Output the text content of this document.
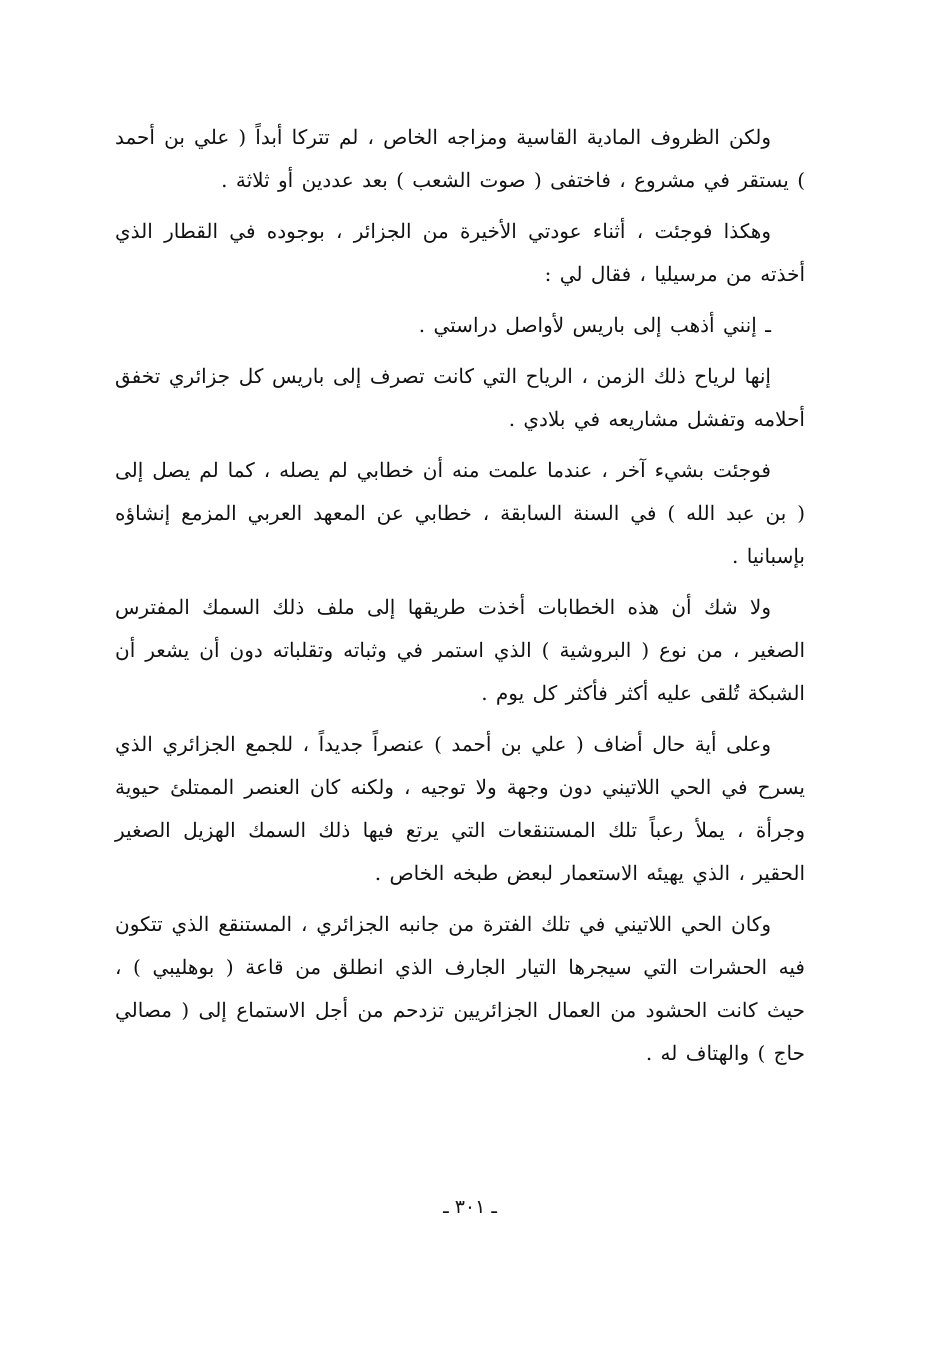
ولكن الظروف المادية القاسية ومزاجه الخاص ، لم تتركا أبداً ( علي بن أحمد ) يستقر في مشروع ، فاختفى ( صوت الشعب ) بعد عددين أو ثلاثة .

وهكذا فوجئت ، أثناء عودتي الأخيرة من الجزائر ، بوجوده في القطار الذي أخذته من مرسيليا ، فقال لي :

ـ إنني أذهب إلى باريس لأواصل دراستي .

إنها لرياح ذلك الزمن ، الرياح التي كانت تصرف إلى باريس كل جزائري تخفق أحلامه وتفشل مشاريعه في بلادي .

فوجئت بشيء آخر ، عندما علمت منه أن خطابي لم يصله ، كما لم يصل إلى ( بن عبد الله ) في السنة السابقة ، خطابي عن المعهد العربي المزمع إنشاؤه بإسبانيا .

ولا شك أن هذه الخطابات أخذت طريقها إلى ملف ذلك السمك المفترس الصغير ، من نوع ( البروشية ) الذي استمر في وثباته وتقلباته دون أن يشعر أن الشبكة تُلقى عليه أكثر فأكثر كل يوم .

وعلى أية حال أضاف ( علي بن أحمد ) عنصراً جديداً ، للجمع الجزائري الذي يسرح في الحي اللاتيني دون وجهة ولا توجيه ، ولكنه كان العنصر الممتلئ حيوية وجرأة ، يملأ رعباً تلك المستنقعات التي يرتع فيها ذلك السمك الهزيل الصغير الحقير ، الذي يهيئه الاستعمار لبعض طبخه الخاص .

وكان الحي اللاتيني في تلك الفترة من جانبه الجزائري ، المستنقع الذي تتكون فيه الحشرات التي سيجرها التيار الجارف الذي انطلق من قاعة ( بوهليبي ) ، حيث كانت الحشود من العمال الجزائريين تزدحم من أجل الاستماع إلى ( مصالي حاج ) والهتاف له .

ـ ٣٠١ ـ
